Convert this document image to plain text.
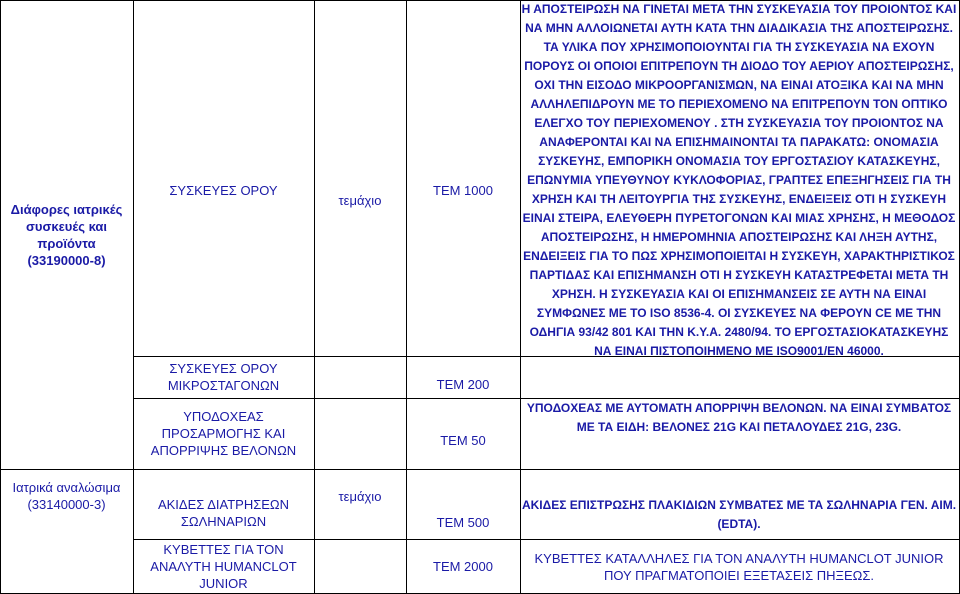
Διάφορες ιατρικές συσκευές και προϊόντα (33190000-8)
ΣΥΣΚΕΥΕΣ ΟΡΟΥ
ΣΥΣΚΕΥΕΣ ΟΡΟΥ ΜΙΚΡΟΣΤΑΓΟΝΩΝ
ΥΠΟΔΟΧΕΑΣ ΠΡΟΣΑΡΜΟΓΗΣ ΚΑΙ ΑΠΟΡΡΙΨΗΣ ΒΕΛΟΝΩΝ
τεμάχιο
ΤΕΜ 1000
ΤΕΜ 200
ΤΕΜ 50
Η ΑΠΟΣΤΕΙΡΩΣΗ ΝΑ ΓΙΝΕΤΑΙ ΜΕΤΑ ΤΗΝ ΣΥΣΚΕΥΑΣΙΑ ΤΟΥ ΠΡΟΙΟΝΤΟΣ ΚΑΙ ΝΑ ΜΗΝ ΑΛΛΟΙΩΝΕΤΑΙ ΑΥΤΗ ΚΑΤΑ ΤΗΝ ΔΙΑΔΙΚΑΣΙΑ ΤΗΣ ΑΠΟΣΤΕΙΡΩΣΗΣ. ΤΑ ΥΛΙΚΑ ΠΟΥ ΧΡΗΣΙΜΟΠΟΙΟΥΝΤΑΙ ΓΙΑ ΤΗ ΣΥΣΚΕΥΑΣΙΑ ΝΑ ΕΧΟΥΝ ΠΟΡΟΥΣ ΟΙ ΟΠΟΙΟΙ ΕΠΙΤΡΕΠΟΥΝ ΤΗ ΔΙΟΔΟ ΤΟΥ ΑΕΡΙΟΥ ΑΠΟΣΤΕΙΡΩΣΗΣ, ΟΧΙ ΤΗΝ ΕΙΣΟΔΟ ΜΙΚΡΟΟΡΓΑΝΙΣΜΩΝ, ΝΑ ΕΙΝΑΙ ΑΤΟΞΙΚΑ ΚΑΙ ΝΑ ΜΗΝ ΑΛΛΗΛΕΠΙΔΡΟΥΝ ΜΕ ΤΟ ΠΕΡΙΕΧΟΜΕΝΟ ΝΑ ΕΠΙΤΡΕΠΟΥΝ ΤΟΝ ΟΠΤΙΚΟ ΕΛΕΓΧΟ ΤΟΥ ΠΕΡΙΕΧΟΜΕΝΟΥ . ΣΤΗ ΣΥΣΚΕΥΑΣΙΑ ΤΟΥ ΠΡΟΙΟΝΤΟΣ ΝΑ ΑΝΑΦΕΡΟΝΤΑΙ ΚΑΙ ΝΑ ΕΠΙΣΗΜΑΙΝΟΝΤΑΙ ΤΑ ΠΑΡΑΚΑΤΩ: ΟΝΟΜΑΣΙΑ ΣΥΣΚΕΥΗΣ, ΕΜΠΟΡΙΚΗ ΟΝΟΜΑΣΙΑ ΤΟΥ ΕΡΓΟΣΤΑΣΙΟΥ ΚΑΤΑΣΚΕΥΗΣ, ΕΠΩΝΥΜΙΑ ΥΠΕΥΘΥΝΟΥ ΚΥΚΛΟΦΟΡΙΑΣ, ΓΡΑΠΤΕΣ ΕΠΕΞΗΓΗΣΕΙΣ ΓΙΑ ΤΗ ΧΡΗΣΗ ΚΑΙ ΤΗ ΛΕΙΤΟΥΡΓΙΑ ΤΗΣ ΣΥΣΚΕΥΗΣ, ΕΝΔΕΙΞΕΙΣ ΟΤΙ Η ΣΥΣΚΕΥΗ ΕΙΝΑΙ ΣΤΕΙΡΑ, ΕΛΕΥΘΕΡΗ ΠΥΡΕΤΟΓΟΝΩΝ ΚΑΙ ΜΙΑΣ ΧΡΗΣΗΣ, Η ΜΕΘΟΔΟΣ ΑΠΟΣΤΕΙΡΩΣΗΣ, Η ΗΜΕΡΟΜΗΝΙΑ ΑΠΟΣΤΕΙΡΩΣΗΣ ΚΑΙ ΛΗΞΗ ΑΥΤΗΣ, ΕΝΔΕΙΞΕΙΣ ΓΙΑ ΤΟ ΠΩΣ ΧΡΗΣΙΜΟΠΟΙΕΙΤΑΙ Η ΣΥΣΚΕΥΗ, ΧΑΡΑΚΤΗΡΙΣΤΙΚΟΣ ΠΑΡΤΙΔΑΣ ΚΑΙ ΕΠΙΣΗΜΑΝΣΗ ΟΤΙ Η ΣΥΣΚΕΥΗ ΚΑΤΑΣΤΡΕΦΕΤΑΙ ΜΕΤΑ ΤΗ ΧΡΗΣΗ. Η ΣΥΣΚΕΥΑΣΙΑ ΚΑΙ ΟΙ ΕΠΙΣΗΜΑΝΣΕΙΣ ΣΕ ΑΥΤΗ ΝΑ ΕΙΝΑΙ ΣΥΜΦΩΝΕΣ ΜΕ ΤΟ ISO 8536-4. ΟΙ ΣΥΣΚΕΥΕΣ ΝΑ ΦΕΡΟΥΝ CE ΜΕ ΤΗΝ ΟΔΗΓΙΑ 93/42 801 ΚΑΙ ΤΗΝ Κ.Υ.Α. 2480/94. ΤΟ ΕΡΓΟΣΤΑΣΙΟΚΑΤΑΣΚΕΥΗΣ ΝΑ ΕΙΝΑΙ ΠΙΣΤΟΠΟΙΗΜΕΝΟ ΜΕ ISO9001/EN 46000.
ΥΠΟΔΟΧΕΑΣ ΜΕ ΑΥΤΟΜΑΤΗ ΑΠΟΡΡΙΨΗ ΒΕΛΟΝΩΝ. ΝΑ ΕΙΝΑΙ ΣΥΜΒΑΤΟΣ ΜΕ ΤΑ ΕΙΔΗ: ΒΕΛΟΝΕΣ 21G ΚΑΙ ΠΕΤΑΛΟΥΔΕΣ 21G, 23G.
Ιατρικά αναλώσιμα (33140000-3)	ΑΚΙΔΕΣ ΔΙΑΤΡΗΣΕΩΝ ΣΩΛΗΝΑΡΙΩΝ
ΚΥΒΕΤΤΕΣ ΓΙΑ ΤΟΝ ΑΝΑΛΥΤΗ HUMANCLOT JUNIOR
τεμάχιο
ΤΕΜ 500
ΤΕΜ 2000
ΑΚΙΔΕΣ ΕΠΙΣΤΡΩΣΗΣ ΠΛΑΚΙΔΙΩΝ ΣΥΜΒΑΤΕΣ ΜΕ ΤΑ ΣΩΛΗΝΑΡΙΑ ΓΕΝ. ΑΙΜ. (EDTA).
ΚΥΒΕΤΤΕΣ ΚΑΤΑΛΛΗΛΕΣ ΓΙΑ ΤΟΝ ΑΝΑΛΥΤΗ HUMANCLOT JUNIOR ΠΟΥ ΠΡΑΓΜΑΤΟΠΟΙΕΙ ΕΞΕΤΑΣΕΙΣ ΠΗΞΕΩΣ.
